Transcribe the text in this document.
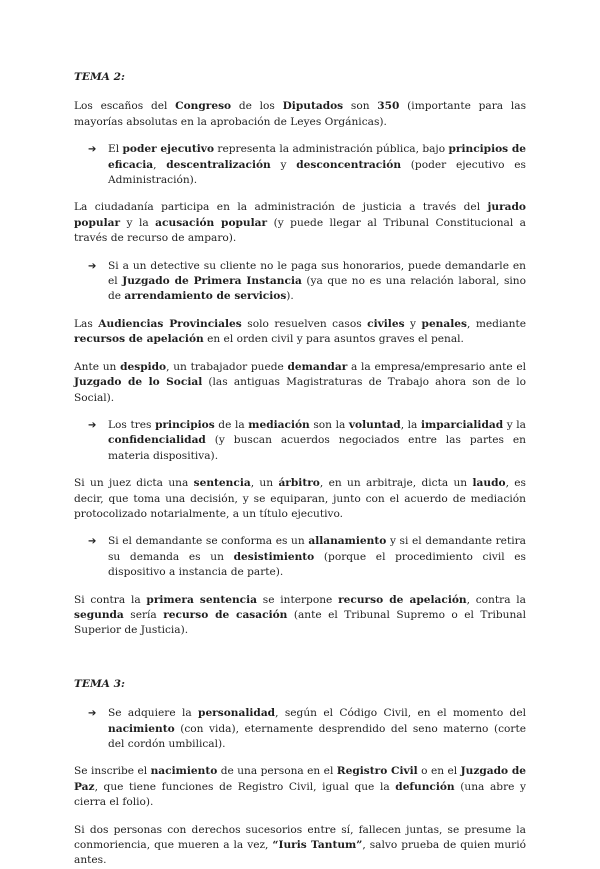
TEMA 2:
Los escaños del Congreso de los Diputados son 350 (importante para las mayorías absolutas en la aprobación de Leyes Orgánicas).
➔ El poder ejecutivo representa la administración pública, bajo principios de eficacia, descentralización y desconcentración (poder ejecutivo es Administración).
La ciudadanía participa en la administración de justicia a través del jurado popular y la acusación popular (y puede llegar al Tribunal Constitucional a través de recurso de amparo).
➔ Si a un detective su cliente no le paga sus honorarios, puede demandarle en el Juzgado de Primera Instancia (ya que no es una relación laboral, sino de arrendamiento de servicios).
Las Audiencias Provinciales solo resuelven casos civiles y penales, mediante recursos de apelación en el orden civil y para asuntos graves el penal.
Ante un despido, un trabajador puede demandar a la empresa/empresario ante el Juzgado de lo Social (las antiguas Magistraturas de Trabajo ahora son de lo Social).
➔ Los tres principios de la mediación son la voluntad, la imparcialidad y la confidencialidad (y buscan acuerdos negociados entre las partes en materia dispositiva).
Si un juez dicta una sentencia, un árbitro, en un arbitraje, dicta un laudo, es decir, que toma una decisión, y se equiparan, junto con el acuerdo de mediación protocolizado notarialmente, a un título ejecutivo.
➔ Si el demandante se conforma es un allanamiento y si el demandante retira su demanda es un desistimiento (porque el procedimiento civil es dispositivo a instancia de parte).
Si contra la primera sentencia se interpone recurso de apelación, contra la segunda sería recurso de casación (ante el Tribunal Supremo o el Tribunal Superior de Justicia).
TEMA 3:
➔ Se adquiere la personalidad, según el Código Civil, en el momento del nacimiento (con vida), eternamente desprendido del seno materno (corte del cordón umbilical).
Se inscribe el nacimiento de una persona en el Registro Civil o en el Juzgado de Paz, que tiene funciones de Registro Civil, igual que la defunción (una abre y cierra el folio).
Si dos personas con derechos sucesorios entre sí, fallecen juntas, se presume la conmoriencia, que mueren a la vez, “Iuris Tantum”, salvo prueba de quien murió antes.
